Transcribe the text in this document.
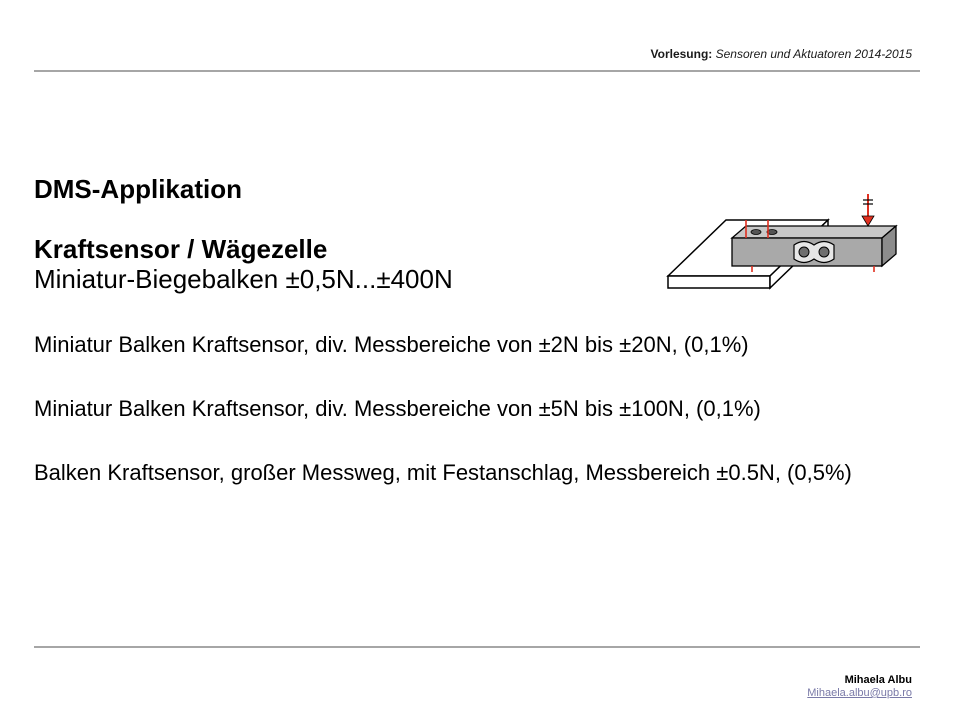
Vorlesung: Sensoren und Aktuatoren 2014-2015
DMS-Applikation
Kraftsensor / Wägezelle
Miniatur-Biegebalken ±0,5N...±400N

Miniatur Balken Kraftsensor, div. Messbereiche von ±2N bis ±20N, (0,1%)

Miniatur Balken Kraftsensor, div. Messbereiche von ±5N bis ±100N, (0,1%)

Balken Kraftsensor, großer Messweg, mit Festanschlag, Messbereich ±0.5N, (0,5%)

Mihaela Albu
Mihaela.albu@upb.ro
